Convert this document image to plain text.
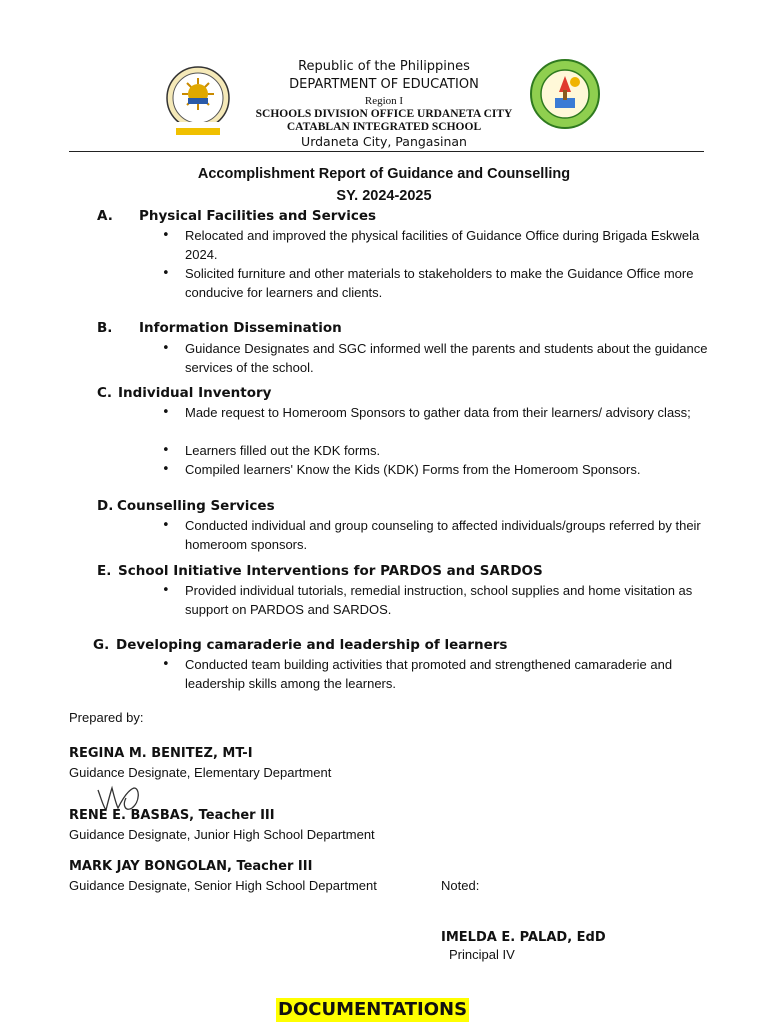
Republic of the Philippines
DEPARTMENT OF EDUCATION
Region I
SCHOOLS DIVISION OFFICE URDANETA CITY
CATABLAN INTEGRATED SCHOOL
Urdaneta City, Pangasinan
Accomplishment Report of Guidance and Counselling
SY. 2024-2025
A. Physical Facilities and Services
• Relocated and improved the physical facilities of Guidance Office during Brigada Eskwela 2024.
• Solicited furniture and other materials to stakeholders to make the Guidance Office more conducive for learners and clients.
B. Information Dissemination
• Guidance Designates and SGC informed well the parents and students about the guidance services of the school.
C. Individual Inventory
• Made request to Homeroom Sponsors to gather data from their learners/ advisory class;
• Learners filled out the KDK forms.
• Compiled learners' Know the Kids (KDK) Forms from the Homeroom Sponsors.
D. Counselling Services
• Conducted individual and group counseling to affected individuals/groups referred by their homeroom sponsors.
E. School Initiative Interventions for PARDOS and SARDOS
• Provided individual tutorials, remedial instruction, school supplies and home visitation as support on PARDOS and SARDOS.
G. Developing camaraderie and leadership of learners
• Conducted team building activities that promoted and strengthened camaraderie and leadership skills among the learners.
Prepared by:
REGINA M. BENITEZ, MT-I
Guidance Designate, Elementary Department
RENE E. BASBAS, Teacher III
Guidance Designate, Junior High School Department
MARK JAY BONGOLAN, Teacher III
Guidance Designate, Senior High School Department	Noted:
IMELDA E. PALAD, EdD
Principal IV
DOCUMENTATIONS
